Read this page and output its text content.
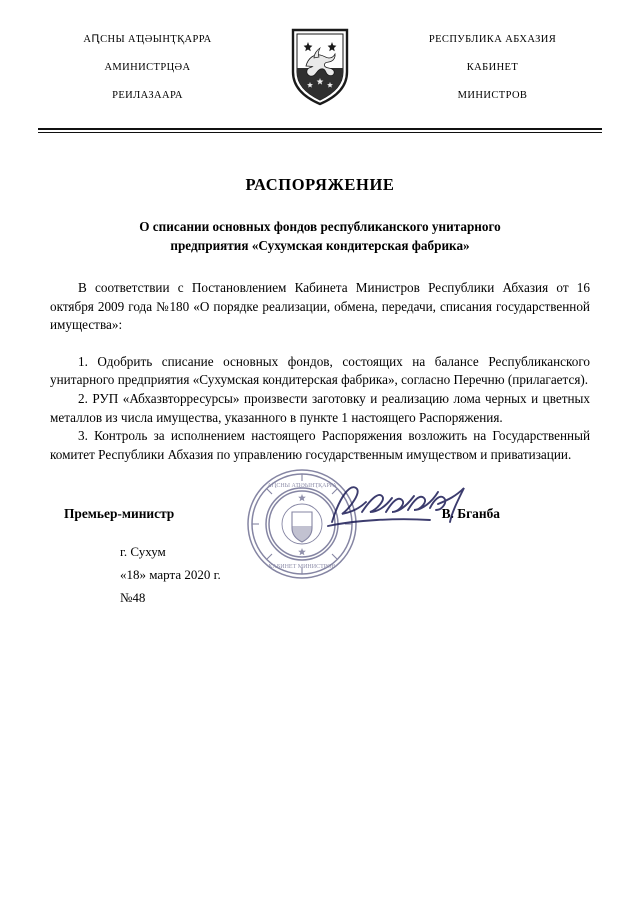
АԤСНЫ АҴӘЫНҬҚАРРА
АМИНИСТРЦӘА
РЕИЛАЗААРА
РЕСПУБЛИКА АБХАЗИЯ
КАБИНЕТ
МИНИСТРОВ
РАСПОРЯЖЕНИЕ
О списании основных фондов республиканского унитарного
предприятия «Сухумская кондитерская фабрика»

В соответствии с Постановлением Кабинета Министров Республики Абхазия от 16 октября 2009 года №180 «О порядке реализации, обмена, передачи, списания государственной имущества»:

1. Одобрить списание основных фондов, состоящих на балансе Республиканского унитарного предприятия «Сухумская кондитерская фабрика», согласно Перечню (прилагается).

2. РУП «Абхазвторресурсы» произвести заготовку и реализацию лома черных и цветных металлов из числа имущества, указанного в пункте 1 настоящего Распоряжения.

3. Контроль за исполнением настоящего Распоряжения возложить на Государственный комитет Республики Абхазия по управлению государственным имуществом и приватизации.

Премьер-министр
АԤСНЫ АҴӘЫНҬҚАРРА
КАБИНЕТ МИНИСТРОВ
В. Бганба
г. Сухум
«18» марта 2020 г.
№48
